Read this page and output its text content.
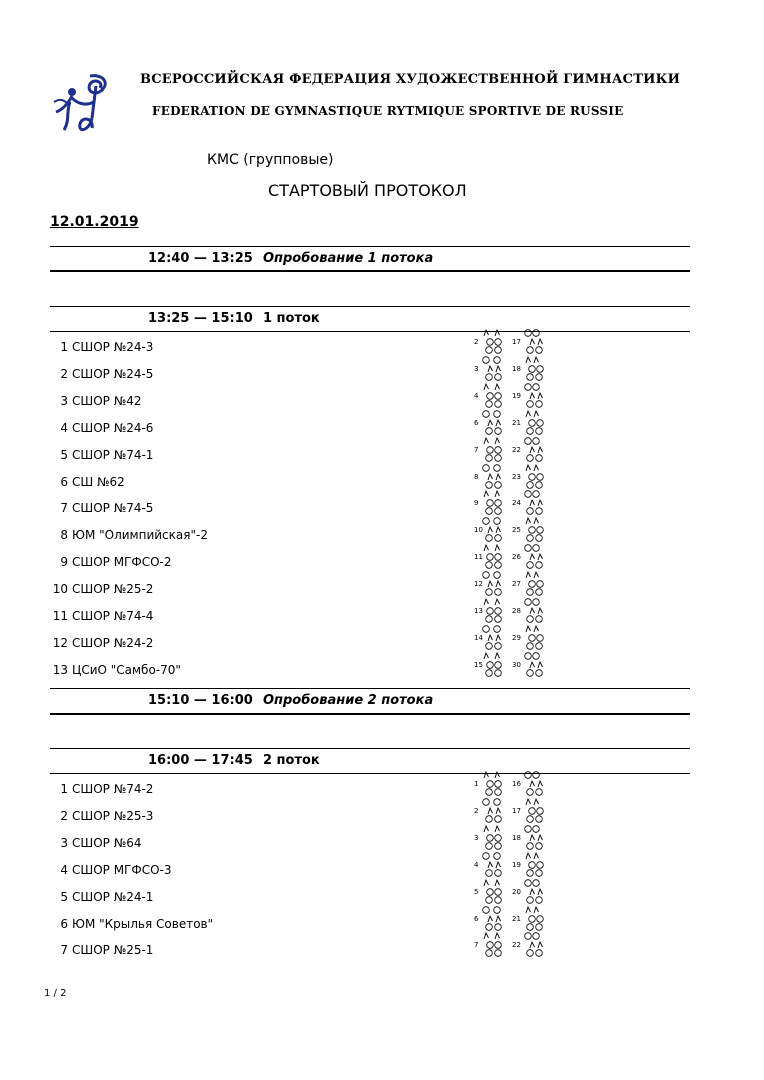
ВСЕРОССИЙСКАЯ ФЕДЕРАЦИЯ ХУДОЖЕСТВЕННОЙ ГИМНАСТИКИ
FEDERATION DE GYMNASTIQUE RYTMIQUE SPORTIVE DE RUSSIE
КМС (групповые)
СТАРТОВЫЙ ПРОТОКОЛ
12.01.2019
12:40 — 13:25 Опробование 1 потока
13:25 — 15:10 1 поток
15:10 — 16:00 Опробование 2 потока
16:00 — 17:45 2 поток
1 / 2
1 СШОР №24-3	2	17
2 СШОР №24-5	3	18
3 СШОР №42	4	19
4 СШОР №24-6	6	21
5 СШОР №74-1	7	22
6 СШ №62	8	23
7 СШОР №74-5	9	24
8 ЮМ "Олимпийская"-2	10	25
9 СШОР МГФСО-2	11	26
10 СШОР №25-2	12	27
11 СШОР №74-4	13	28
12 СШОР №24-2	14	29
13 ЦСиО "Самбо-70"	15	30
1 СШОР №74-2	1	16
2 СШОР №25-3	2	17
3 СШОР №64	3	18
4 СШОР МГФСО-3	4	19
5 СШОР №24-1	5	20
6 ЮМ "Крылья Советов"	6	21
7 СШОР №25-1	7	22
